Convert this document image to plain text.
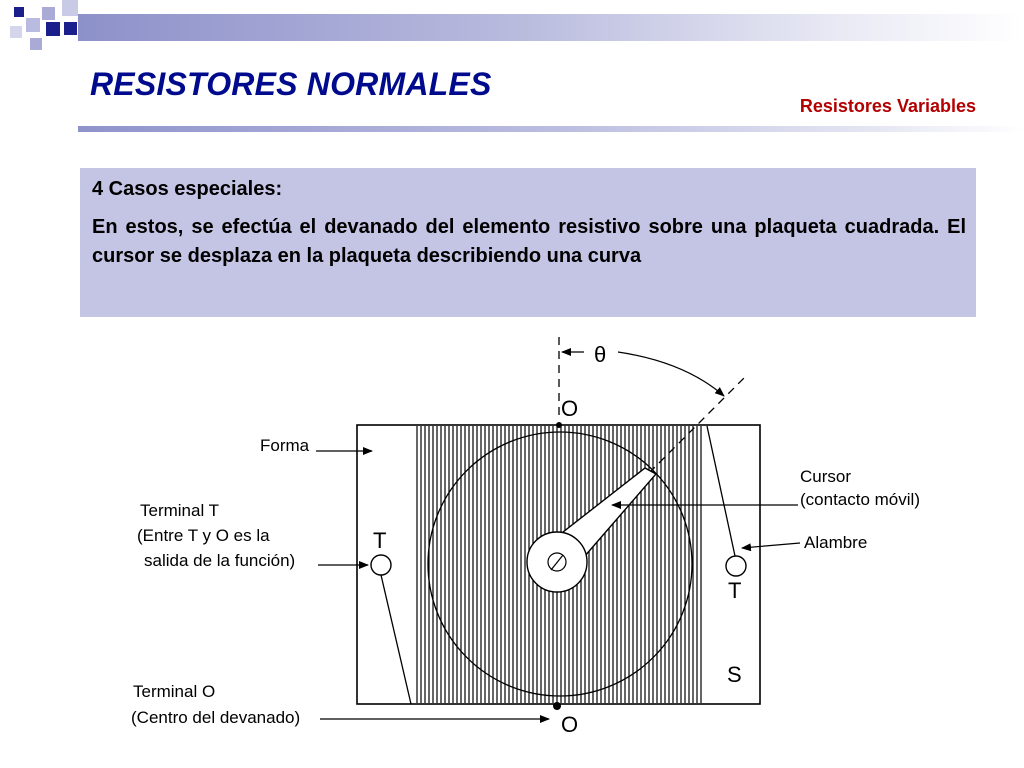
RESISTORES NORMALES
Resistores Variables

4 Casos especiales:

En estos, se efectúa el devanado del elemento resistivo sobre una plaqueta cuadrada. El cursor se desplaza en la plaqueta describiendo una curva

θ
O
O
T
T
S
Forma
Terminal T
(Entre T y O es la
salida de la función)
Cursor
(contacto móvil)
Alambre
Terminal O
(Centro del devanado)
